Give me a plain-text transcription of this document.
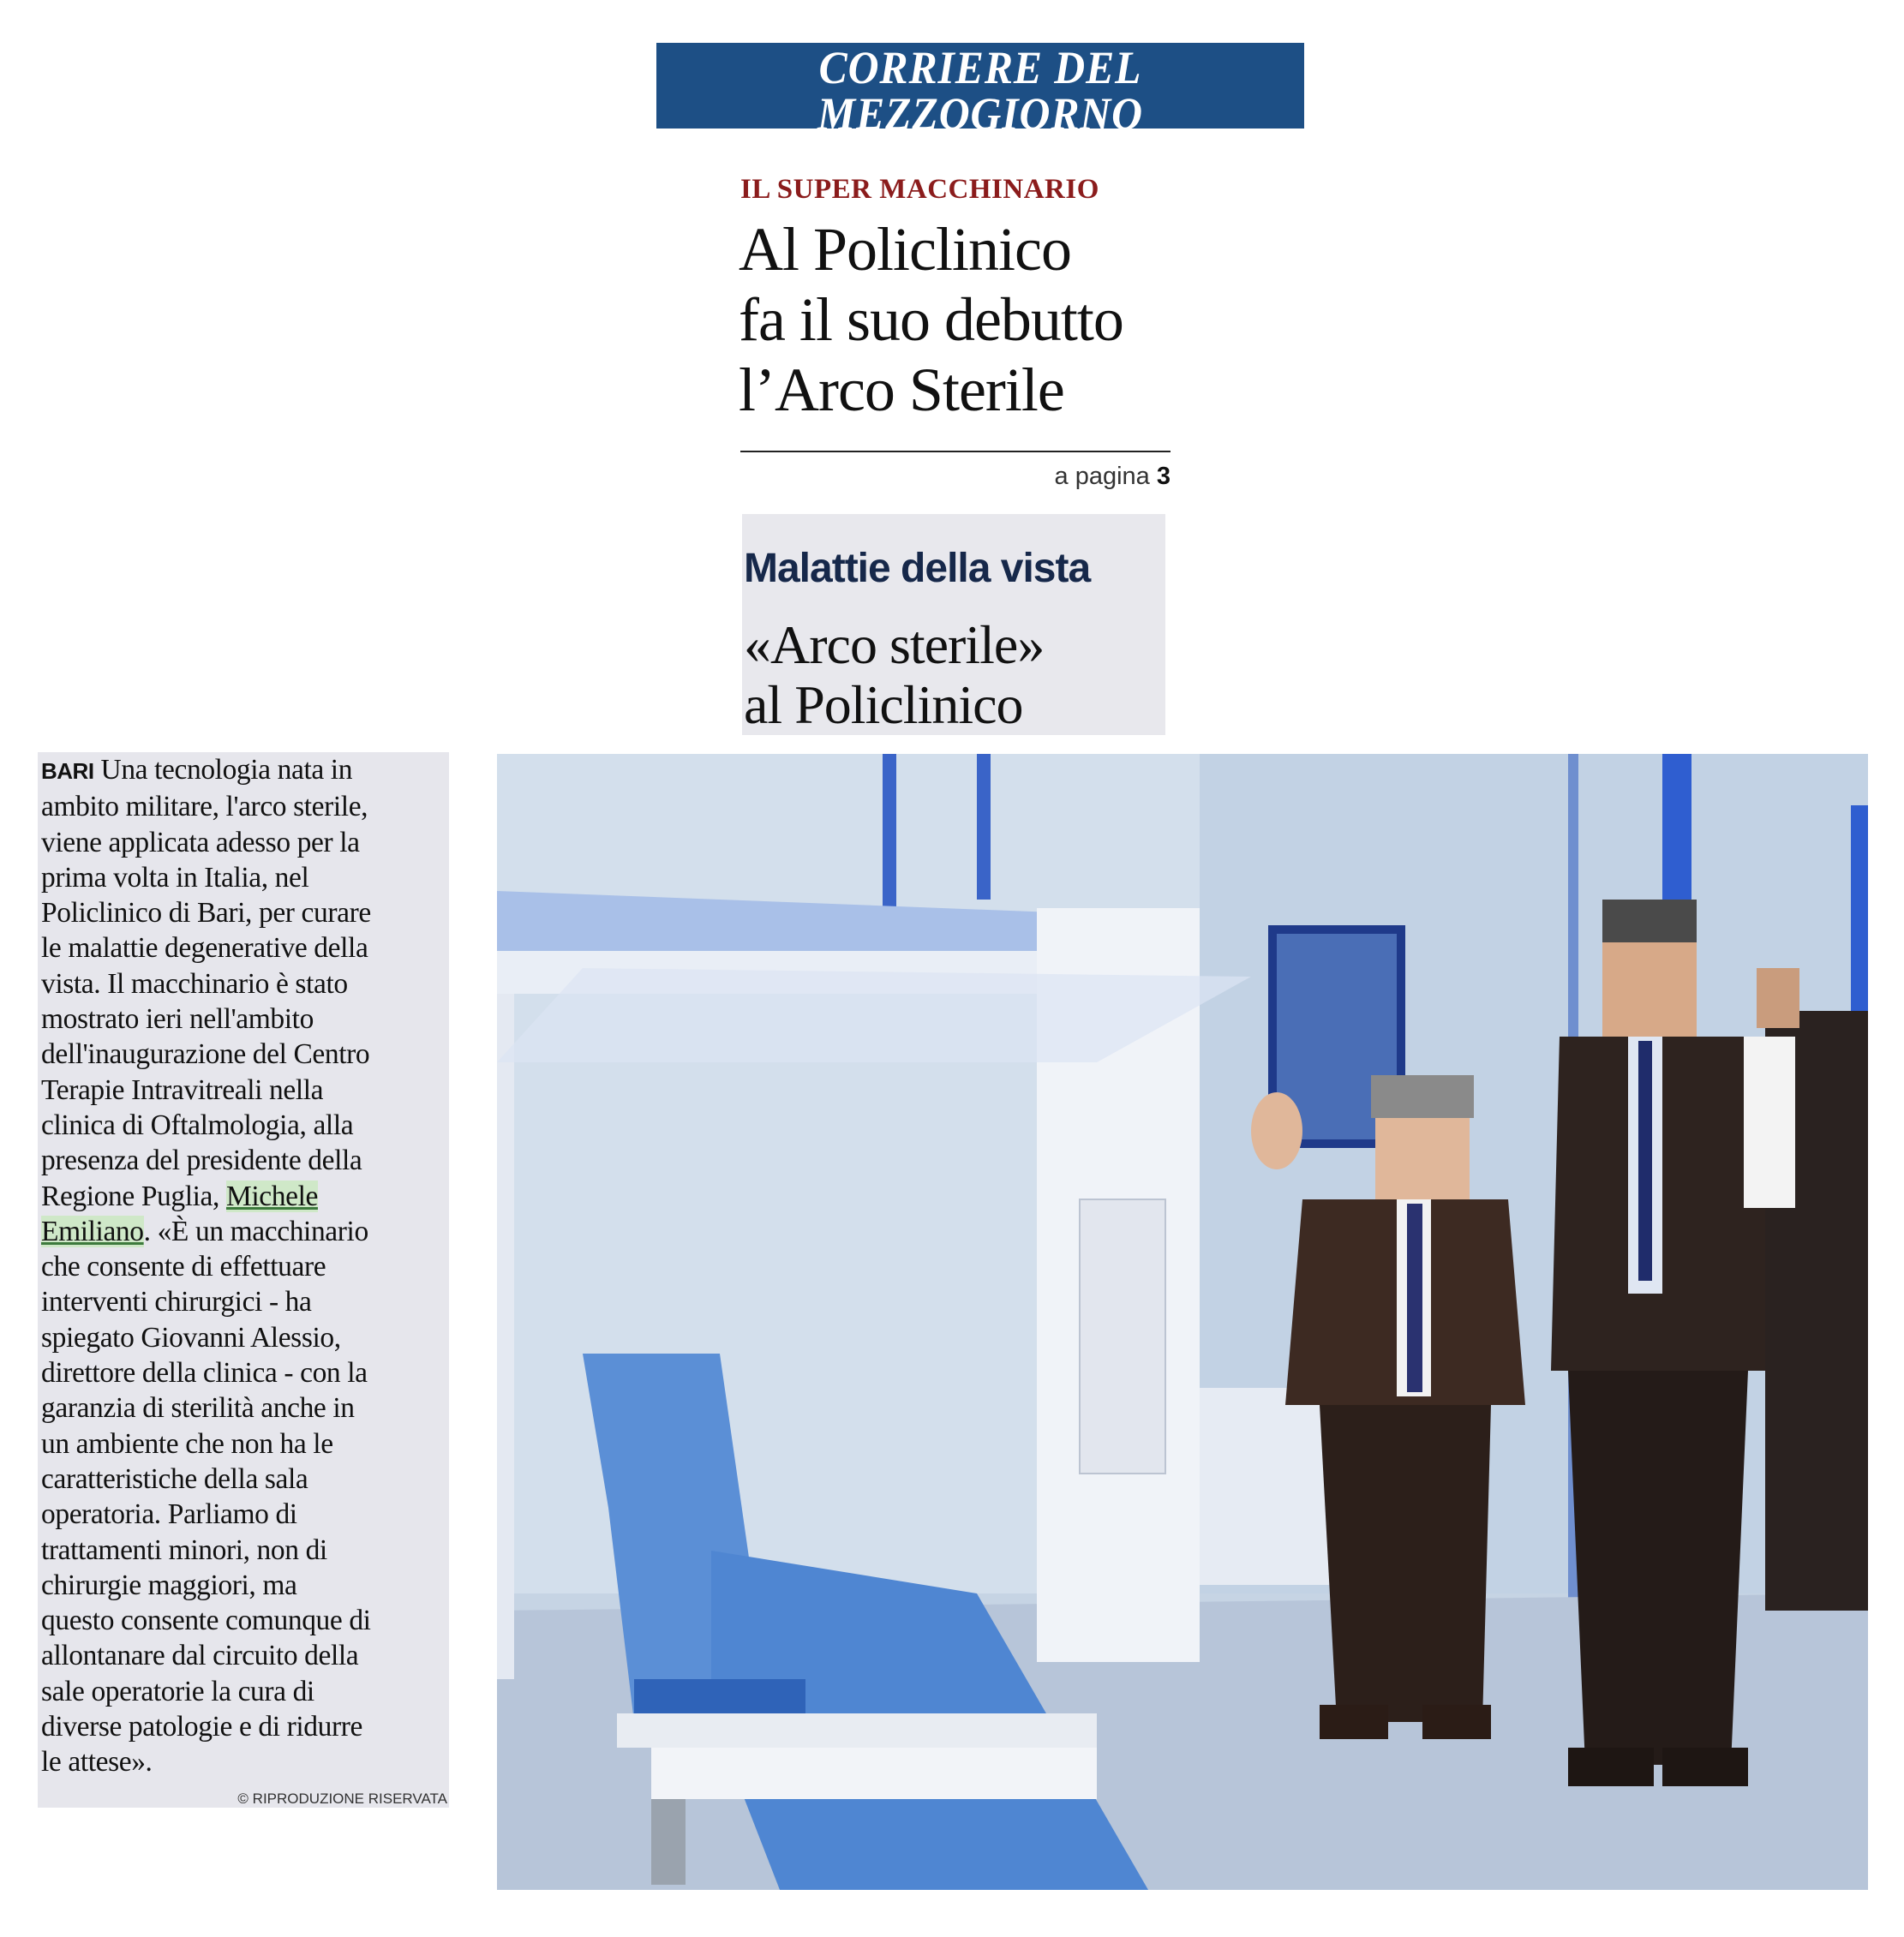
CORRIERE DEL MEZZOGIORNO
BARI E PUGLIA
IL SUPER MACCHINARIO
Al Policlinico
fa il suo debutto
l’Arco Sterile
a pagina 3
Malattie della vista
«Arco sterile»
al Policlinico
BARI Una tecnologia nata in
ambito militare, l'arco sterile,
viene applicata adesso per la
prima volta in Italia, nel
Policlinico di Bari, per curare
le malattie degenerative della
vista. Il macchinario è stato
mostrato ieri nell'ambito
dell'inaugurazione del Centro
Terapie Intravitreali nella
clinica di Oftalmologia, alla
presenza del presidente della
Regione Puglia, Michele
Emiliano. «È un macchinario
che consente di effettuare
interventi chirurgici - ha
spiegato Giovanni Alessio,
direttore della clinica - con la
garanzia di sterilità anche in
un ambiente che non ha le
caratteristiche della sala
operatoria. Parliamo di
trattamenti minori, non di
chirurgie maggiori, ma
questo consente comunque di
allontanare dal circuito della
sale operatorie la cura di
diverse patologie e di ridurre
le attese».
© RIPRODUZIONE RISERVATA
